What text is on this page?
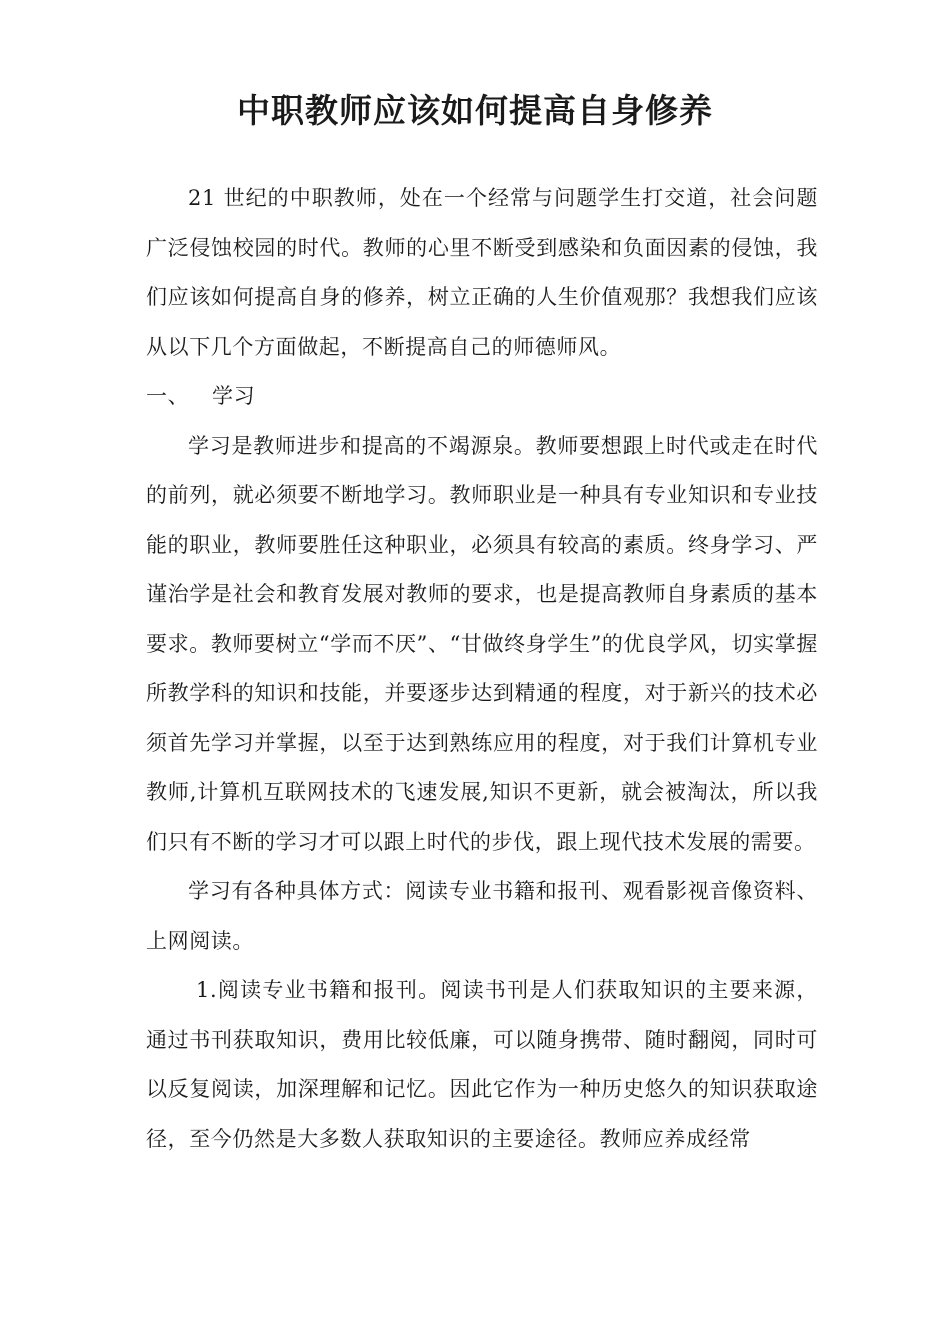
中职教师应该如何提高自身修养

21 世纪的中职教师，处在一个经常与问题学生打交道，社会问题广泛侵蚀校园的时代。教师的心里不断受到感染和负面因素的侵蚀，我们应该如何提高自身的修养，树立正确的人生价值观那？我想我们应该从以下几个方面做起，不断提高自己的师德师风。

一、 学习

学习是教师进步和提高的不竭源泉。教师要想跟上时代或走在时代的前列，就必须要不断地学习。教师职业是一种具有专业知识和专业技能的职业，教师要胜任这种职业，必须具有较高的素质。终身学习、严谨治学是社会和教育发展对教师的要求，也是提高教师自身素质的基本要求。教师要树立“学而不厌”、“甘做终身学生”的优良学风，切实掌握所教学科的知识和技能，并要逐步达到精通的程度，对于新兴的技术必须首先学习并掌握，以至于达到熟练应用的程度，对于我们计算机专业教师,计算机互联网技术的飞速发展,知识不更新，就会被淘汰，所以我们只有不断的学习才可以跟上时代的步伐，跟上现代技术发展的需要。

学习有各种具体方式：阅读专业书籍和报刊、观看影视音像资料、上网阅读。

1.阅读专业书籍和报刊。阅读书刊是人们获取知识的主要来源，通过书刊获取知识，费用比较低廉，可以随身携带、随时翻阅，同时可以反复阅读，加深理解和记忆。因此它作为一种历史悠久的知识获取途径，至今仍然是大多数人获取知识的主要途径。教师应养成经常
